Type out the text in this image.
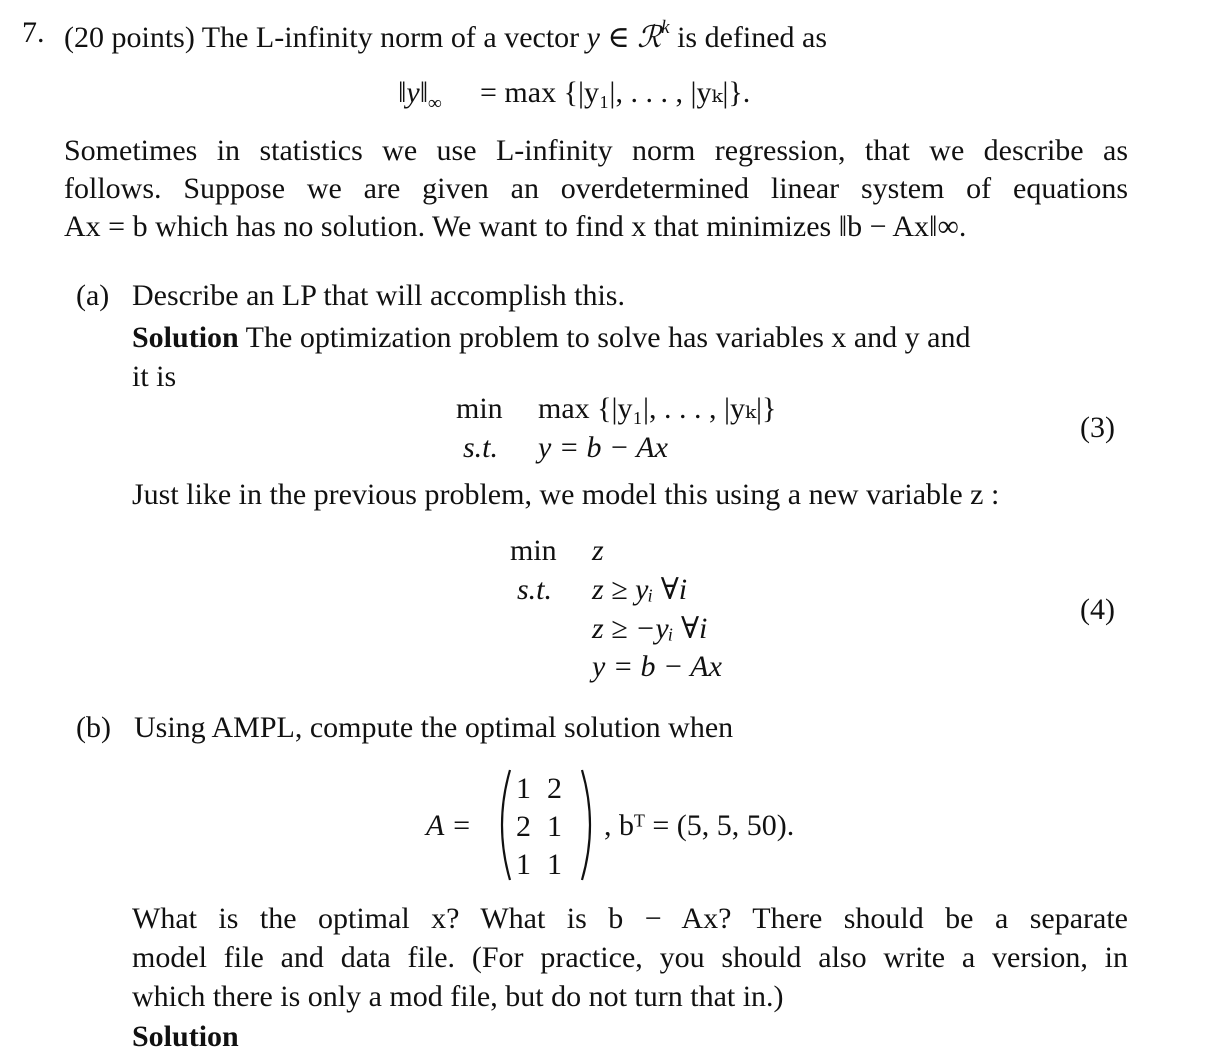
7. (20 points) The L-infinity norm of a vector y ∈ ℛ$^k$ is defined as
$‖y‖_\infty = \max \{|y_1|$, . . . , |yₖ|}.
Sometimes in statistics we use L-infinity norm regression, that we describe as
follows. Suppose we are given an overdetermined linear system of equations
Ax = b which has no solution. We want to find x that minimizes ‖b − Ax‖∞.
(a) Describe an LP that will accomplish this.
Solution The optimization problem to solve has variables x and y and
it is
min max {|y₁|, . . . , |yₖ|}
s.t. y = b − Ax
(3)
Just like in the previous problem, we model this using a new variable z :
min z
s.t. z ≥ yᵢ ∀i
z ≥ −yᵢ ∀i
y = b − Ax
(4)
(b) Using AMPL, compute the optimal solution when
A =
1	2
2	1
1	1
, bᵀ = (5, 5, 50).
What is the optimal x? What is b − Ax? There should be a separate
model file and data file. (For practice, you should also write a version, in
which there is only a mod file, but do not turn that in.)
Solution
